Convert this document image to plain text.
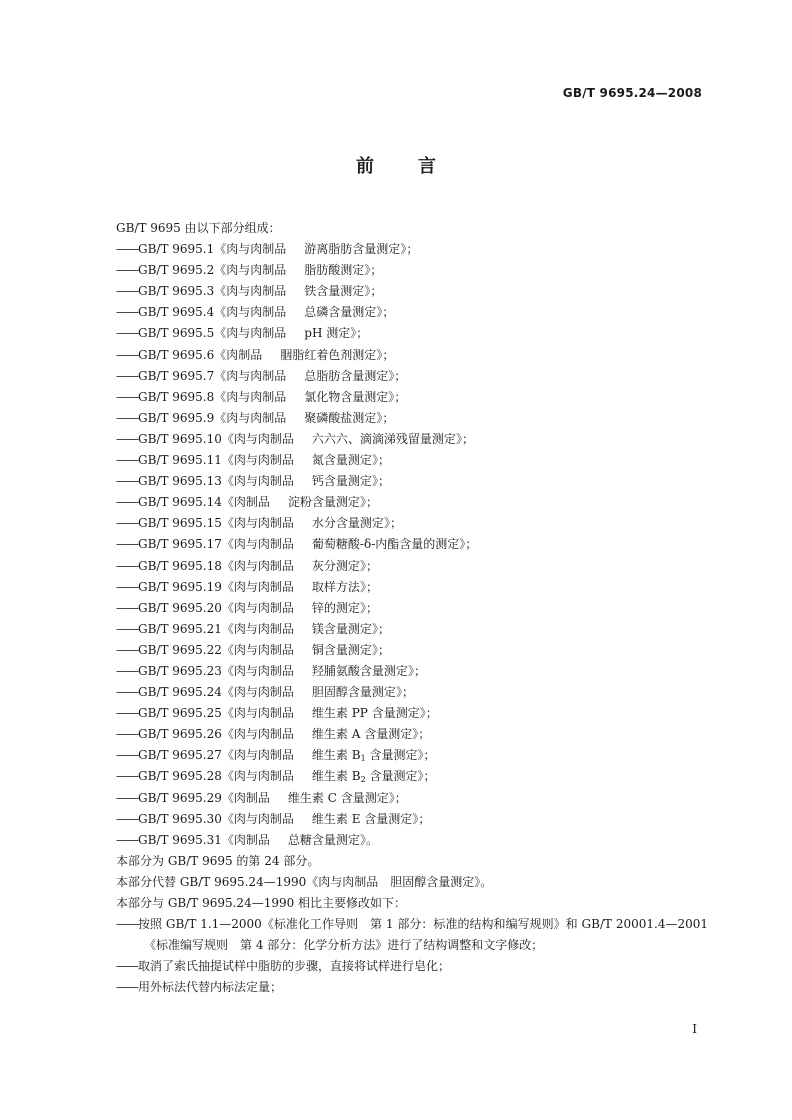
GB/T 9695.24—2008
前言
GB/T 9695 由以下部分组成：
——GB/T 9695.1《肉与肉制品 游离脂肪含量测定》；
——GB/T 9695.2《肉与肉制品 脂肪酸测定》；
——GB/T 9695.3《肉与肉制品 铁含量测定》；
——GB/T 9695.4《肉与肉制品 总磷含量测定》；
——GB/T 9695.5《肉与肉制品 pH 测定》；
——GB/T 9695.6《肉制品 胭脂红着色剂测定》；
——GB/T 9695.7《肉与肉制品 总脂肪含量测定》；
——GB/T 9695.8《肉与肉制品 氯化物含量测定》；
——GB/T 9695.9《肉与肉制品 聚磷酸盐测定》；
——GB/T 9695.10《肉与肉制品 六六六、滴滴涕残留量测定》；
——GB/T 9695.11《肉与肉制品 氮含量测定》；
——GB/T 9695.13《肉与肉制品 钙含量测定》；
——GB/T 9695.14《肉制品 淀粉含量测定》；
——GB/T 9695.15《肉与肉制品 水分含量测定》；
——GB/T 9695.17《肉与肉制品 葡萄糖酸-δ-内酯含量的测定》；
——GB/T 9695.18《肉与肉制品 灰分测定》；
——GB/T 9695.19《肉与肉制品 取样方法》；
——GB/T 9695.20《肉与肉制品 锌的测定》；
——GB/T 9695.21《肉与肉制品 镁含量测定》；
——GB/T 9695.22《肉与肉制品 铜含量测定》；
——GB/T 9695.23《肉与肉制品 羟脯氨酸含量测定》；
——GB/T 9695.24《肉与肉制品 胆固醇含量测定》；
——GB/T 9695.25《肉与肉制品 维生素 PP 含量测定》；
——GB/T 9695.26《肉与肉制品 维生素 A 含量测定》；
——GB/T 9695.27《肉与肉制品 维生素 $B_1$ 含量测定》；
——GB/T 9695.28《肉与肉制品 维生素 $B_2$ 含量测定》；
——GB/T 9695.29《肉制品 维生素 C 含量测定》；
——GB/T 9695.30《肉与肉制品 维生素 E 含量测定》；
——GB/T 9695.31《肉制品 总糖含量测定》。
本部分为 GB/T 9695 的第 24 部分。
本部分代替 GB/T 9695.24—1990《肉与肉制品　胆固醇含量测定》。
本部分与 GB/T 9695.24—1990 相比主要修改如下：
——按照 GB/T 1.1—2000《标准化工作导则　第 1 部分：标准的结构和编写规则》和 GB/T 20001.4—2001《标准编写规则　第 4 部分：化学分析方法》进行了结构调整和文字修改；
——取消了索氏抽提试样中脂肪的步骤，直接将试样进行皂化；
——用外标法代替内标法定量；
I
